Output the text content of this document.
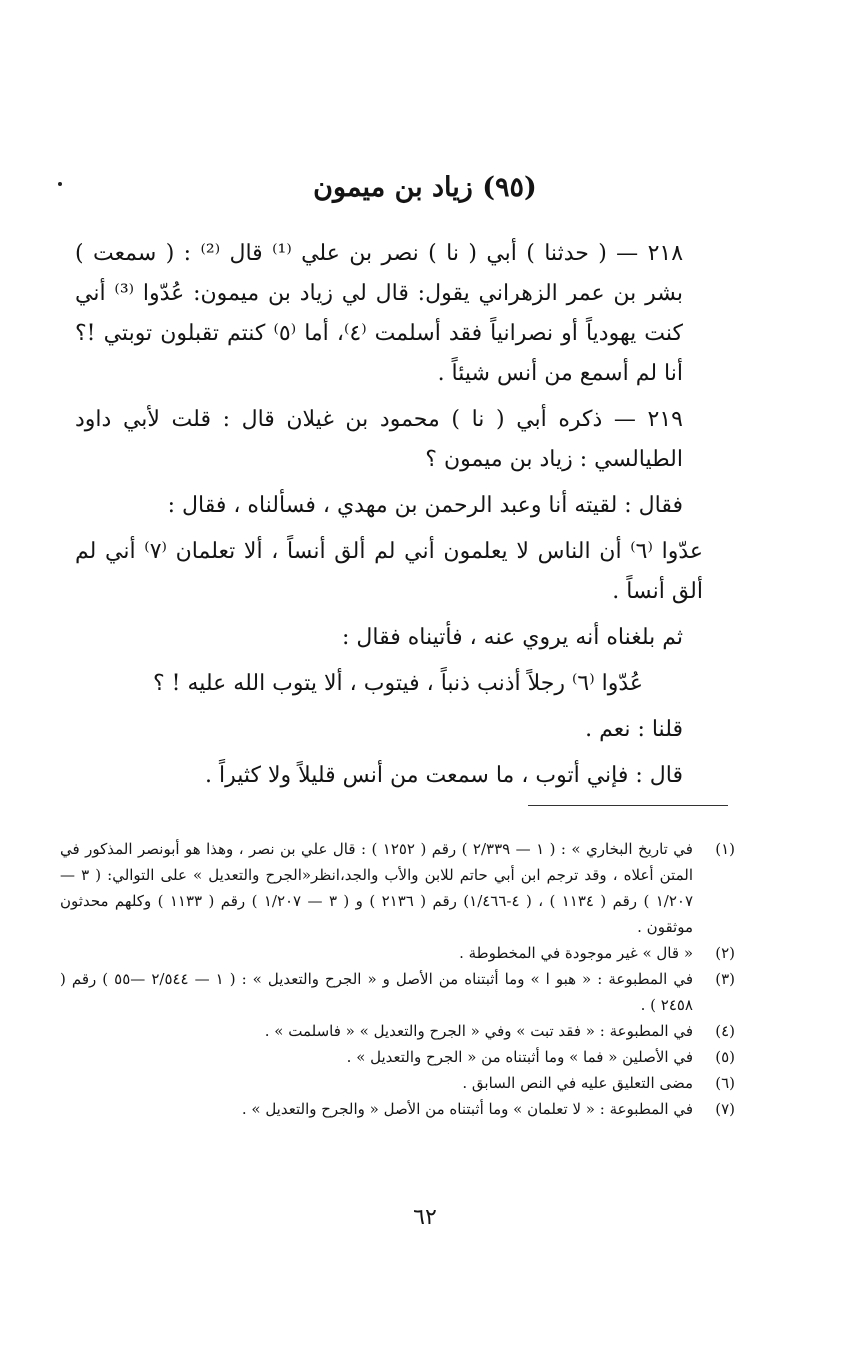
(٩٥) زياد بن ميمون

٢١٨ — ( حدثنا ) أبي ( نا ) نصر بن علي ⁽¹⁾ قال ⁽²⁾ : ( سمعت ) بشر بن عمر الزهراني يقول: قال لي زياد بن ميمون: عُدّوا ⁽³⁾ أني كنت يهودياً أو نصرانياً فقد أسلمت ⁽٤⁾، أما ⁽٥⁾ كنتم تقبلون توبتي !؟أنا لم أسمع من أنس شيئاً .

٢١٩ — ذكره أبي ( نا ) محمود بن غيلان قال : قلت لأبي داود الطيالسي : زياد بن ميمون ؟

فقال : لقيته أنا وعبد الرحمن بن مهدي ، فسألناه ، فقال :

عدّوا ⁽٦⁾ أن الناس لا يعلمون أني لم ألق أنساً ، ألا تعلمان ⁽٧⁾ أني لم ألق أنساً .

ثم بلغناه أنه يروي عنه ، فأتيناه فقال :

عُدّوا ⁽٦⁾ رجلاً أذنب ذنباً ، فيتوب ، ألا يتوب الله عليه ! ؟

قلنا : نعم .

قال : فإني أتوب ، ما سمعت من أنس قليلاً ولا كثيراً .

(١)
في تاريخ البخاري » : ( ١ — ٢/٣٣٩ ) رقم ( ١٢٥٢ ) : قال علي بن نصر ، وهذا هو أبونصر المذكور في المتن أعلاه ، وقد ترجم ابن أبي حاتم للابن والأب والجد،انظر«الجرح والتعديل » على التوالي: ( ٣ — ١/٢٠٧ ) رقم ( ١١٣٤ ) ، ( ٤-١/٤٦٦) رقم ( ٢١٣٦ ) و ( ٣ — ١/٢٠٧ ) رقم ( ١١٣٣ ) وكلهم محدثون موثقون .
(٢)
« قال » غير موجودة في المخطوطة .
(٣)
في المطبوعة : « هبو ا » وما أثبتناه من الأصل و « الجرح والتعديل » : ( ١ — ٢/٥٤٤ —٥٥ ) رقم ( ٢٤٥٨ ) .
(٤)
في المطبوعة : « فقد تبت » وفي « الجرح والتعديل » « فاسلمت » .
(٥)
في الأصلين « فما » وما أثبتناه من « الجرح والتعديل » .
(٦)
مضى التعليق عليه في النص السابق .
(٧)
في المطبوعة : « لا تعلمان » وما أثبتناه من الأصل « والجرح والتعديل » .
٦٢
